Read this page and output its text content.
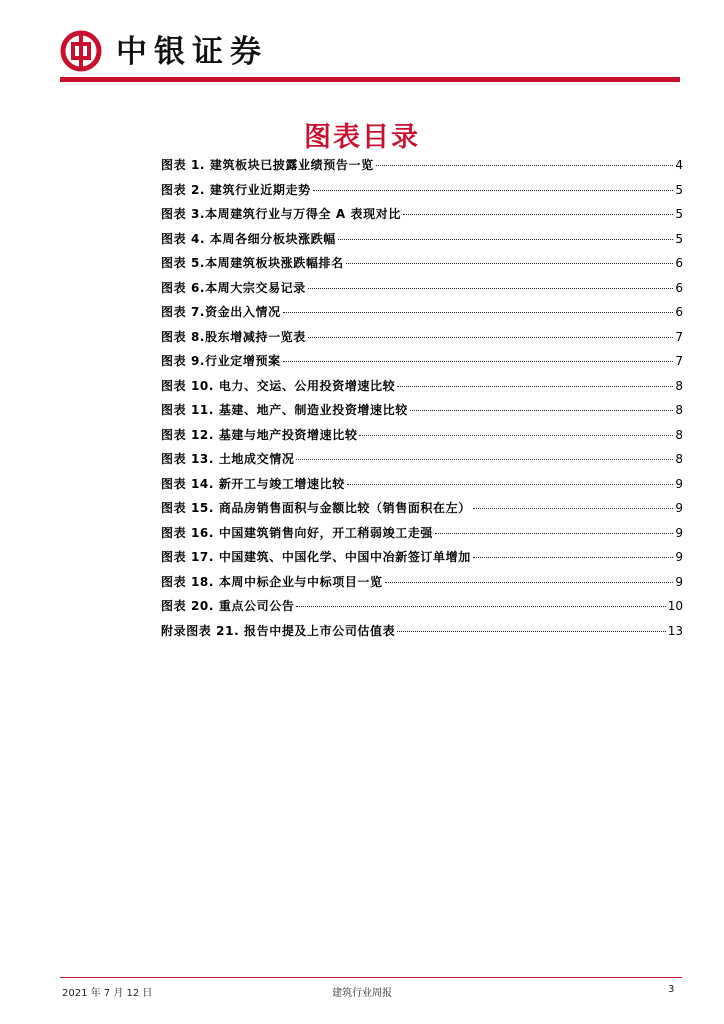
中银证券
图表目录
图表 1. 建筑板块已披露业绩预告一览	4
图表 2. 建筑行业近期走势	5
图表 3.本周建筑行业与万得全 A 表现对比	5
图表 4. 本周各细分板块涨跌幅	5
图表 5.本周建筑板块涨跌幅排名	6
图表 6.本周大宗交易记录	6
图表 7.资金出入情况	6
图表 8.股东增减持一览表	7
图表 9.行业定增预案	7
图表 10. 电力、交运、公用投资增速比较	8
图表 11. 基建、地产、制造业投资增速比较	8
图表 12. 基建与地产投资增速比较	8
图表 13. 土地成交情况	8
图表 14. 新开工与竣工增速比较	9
图表 15. 商品房销售面积与金额比较（销售面积在左）	9
图表 16. 中国建筑销售向好，开工稍弱竣工走强	9
图表 17. 中国建筑、中国化学、中国中冶新签订单增加	9
图表 18. 本周中标企业与中标项目一览	9
图表 20. 重点公司公告	10
附录图表 21. 报告中提及上市公司估值表	13
2021 年 7 月 12 日	建筑行业周报	3
